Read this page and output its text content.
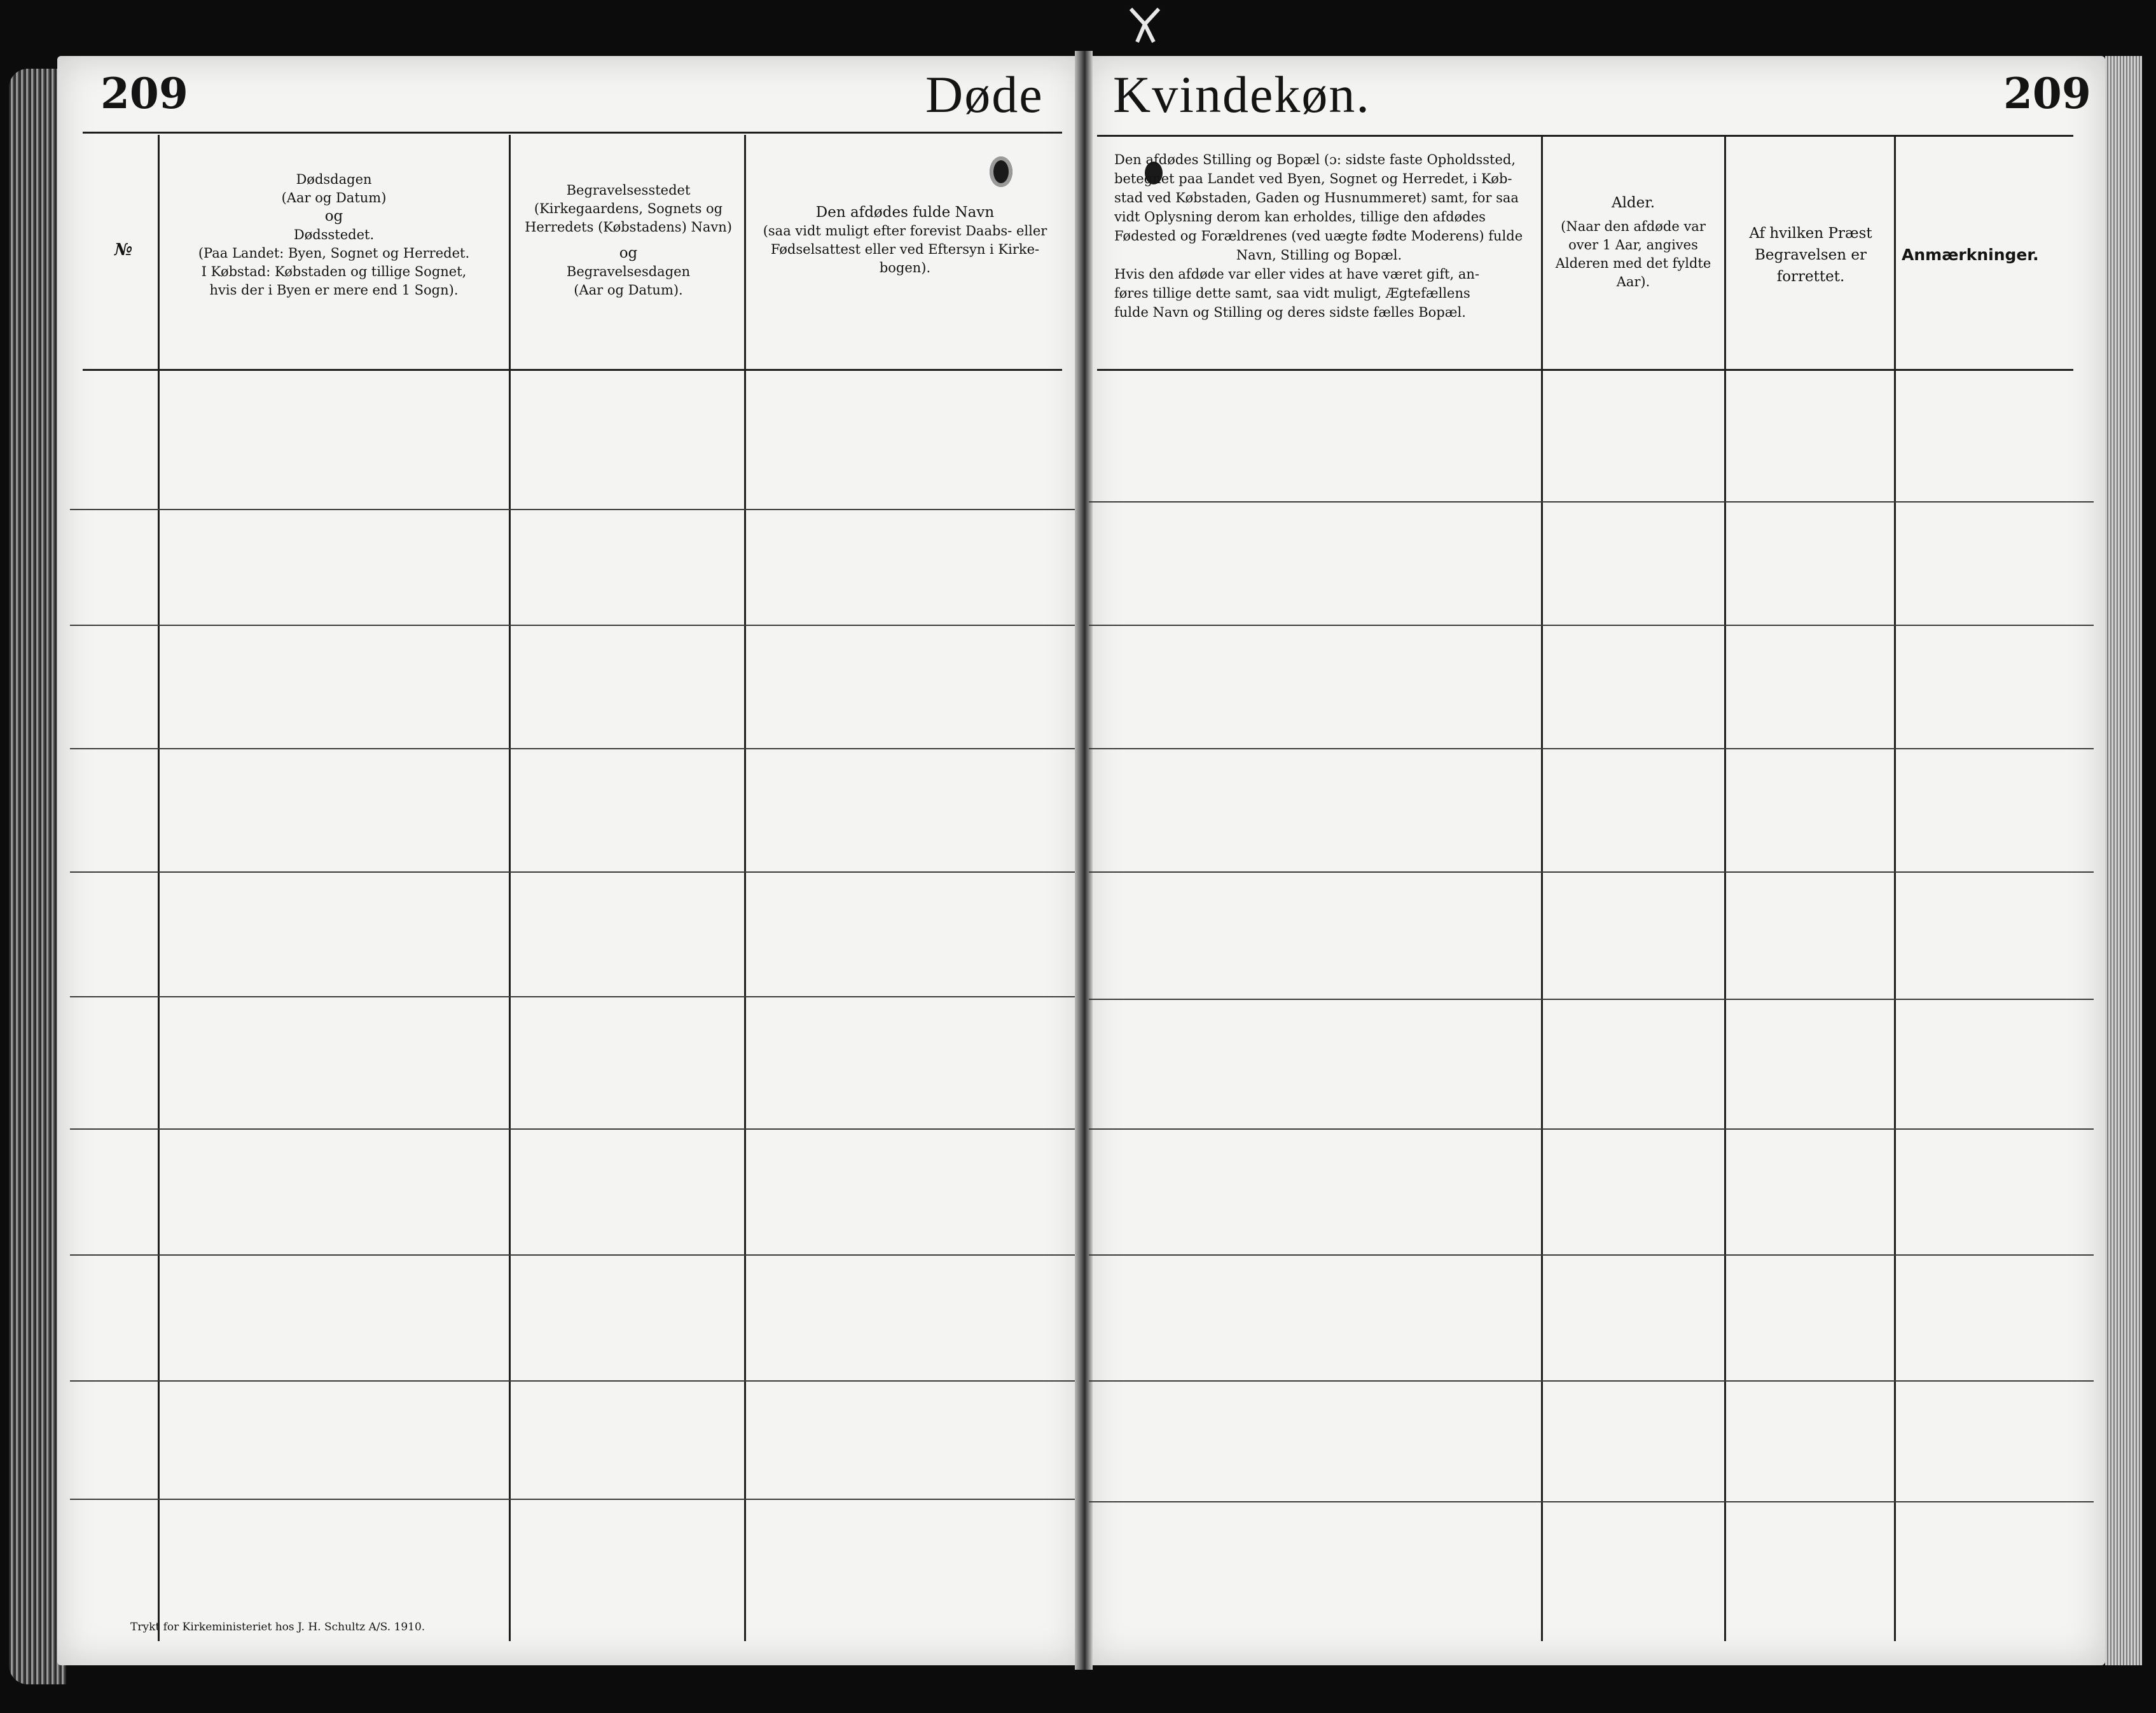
209	Døde
№

Dødsdagen

(Aar og Datum)

og

Dødsstedet.

(Paa Landet: Byen, Sognet og Herredet.

I Købstad: Købstaden og tillige Sognet,

hvis der i Byen er mere end 1 Sogn).

Begravelsesstedet

(Kirkegaardens, Sognets og

Herredets (Købstadens) Navn)

og

Begravelsesdagen

(Aar og Datum).

Den afdødes fulde Navn

(saa vidt muligt efter forevist Daabs- eller

Fødselsattest eller ved Eftersyn i Kirke-

bogen).

Trykt for Kirkeministeriet hos J. H. Schultz A/S. 1910.
Kvindekøn.	209

Den afdødes Stilling og Bopæl (ɔ: sidste faste Opholdssted,

betegnet paa Landet ved Byen, Sognet og Herredet, i Køb-

stad ved Købstaden, Gaden og Husnummeret) samt, for saa

vidt Oplysning derom kan erholdes, tillige den afdødes

Fødested og Forældrenes (ved uægte fødte Moderens) fulde

Navn, Stilling og Bopæl.

Hvis den afdøde var eller vides at have været gift, an-

føres tillige dette samt, saa vidt muligt, Ægtefællens

fulde Navn og Stilling og deres sidste fælles Bopæl.

Alder.

(Naar den afdøde var

over 1 Aar, angives

Alderen med det fyldte

Aar).

Af hvilken Præst

Begravelsen er

forrettet.

Anmærkninger.
